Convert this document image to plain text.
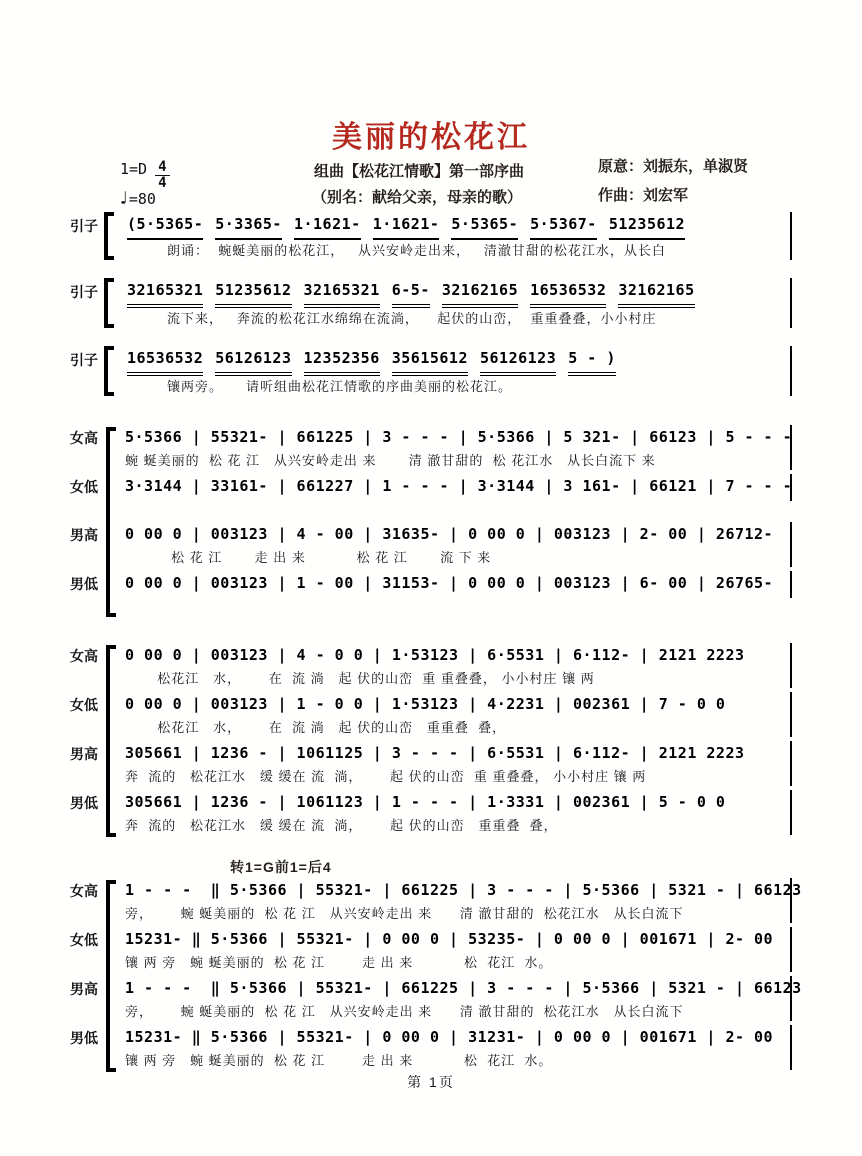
美丽的松花江
组曲【松花江情歌】第一部序曲
（别名：献给父亲，母亲的歌）
原意：刘振东，单淑贤
作曲：刘宏军
$1=D \frac{4}{4}$
♩=80
引子	(5·5365- 5·3365- 1·1621- 1·1621- 5·5365- 5·5367- 51235612
朗诵：  蜿蜒美丽的松花江，   从兴安岭走出来，   清澈甘甜的松花江水，从长白
引子	32165321 51235612 32165321 6-5- 32162165 16536532 32162165
流下来，   奔流的松花江水绵绵在流淌，    起伏的山峦，  重重叠叠，小小村庄
引子	16536532 56126123 12352356 35615612 56126123 5 - )
镶两旁。     请听组曲松花江情歌的序曲美丽的松花江。
女高	5·5366 | 55321- | 661225 | 3 - - - | 5·5366 | 5 321- | 66123 | 5 - - -
蜿 蜒美丽的  松 花 江   从兴安岭走出 来       清 澈甘甜的  松 花江水   从长白流下 来
女低	3·3144 | 33161- | 661227 | 1 - - - | 3·3144 | 3 161- | 66121 | 7 - - -
男高	0 00 0 | 003123 | 4 - 00 | 31635- | 0 00 0 | 003123 | 2- 00 | 26712-
松 花 江       走 出 来           松 花 江       流 下 来
男低	0 00 0 | 003123 | 1 - 00 | 31153- | 0 00 0 | 003123 | 6- 00 | 26765-
女高	0 00 0 | 003123 | 4 - 0 0 | 1·53123 | 6·5531 | 6·112- | 2121 2223
松花江   水，      在  流 淌   起 伏的山峦  重 重叠叠， 小小村庄 镶 两
女低	0 00 0 | 003123 | 1 - 0 0 | 1·53123 | 4·2231 | 002361 | 7 - 0 0
松花江   水，      在  流 淌   起 伏的山峦   重重叠  叠，
男高	305661 | 1236 - | 1061125 | 3 - - - | 6·5531 | 6·112- | 2121 2223
奔  流的   松花江水   缓 缓在 流  淌，      起 伏的山峦  重 重叠叠， 小小村庄 镶 两
男低	305661 | 1236 - | 1061123 | 1 - - - | 1·3331 | 002361 | 5 - 0 0
奔  流的   松花江水   缓 缓在 流  淌，      起 伏的山峦   重重叠  叠，
转1=G前1=后4
女高	1 - - -  ‖ 5·5366 | 55321- | 661225 | 3 - - - | 5·5366 | 5321 - | 66123
旁，      蜿 蜒美丽的  松 花 江   从兴安岭走出 来      清 澈甘甜的  松花江水   从长白流下
女低	15231- ‖ 5·5366 | 55321- | 0 00 0 | 53235- | 0 00 0 | 001671 | 2- 00
镶 两 旁   蜿 蜒美丽的  松 花 江        走 出 来           松  花江  水。
男高	1 - - -  ‖ 5·5366 | 55321- | 661225 | 3 - - - | 5·5366 | 5321 - | 66123
旁，      蜿 蜒美丽的  松 花 江   从兴安岭走出 来      清 澈甘甜的  松花江水   从长白流下
男低	15231- ‖ 5·5366 | 55321- | 0 00 0 | 31231- | 0 00 0 | 001671 | 2- 00
镶 两 旁   蜿 蜒美丽的  松 花 江        走 出 来           松  花江  水。
第 1页
